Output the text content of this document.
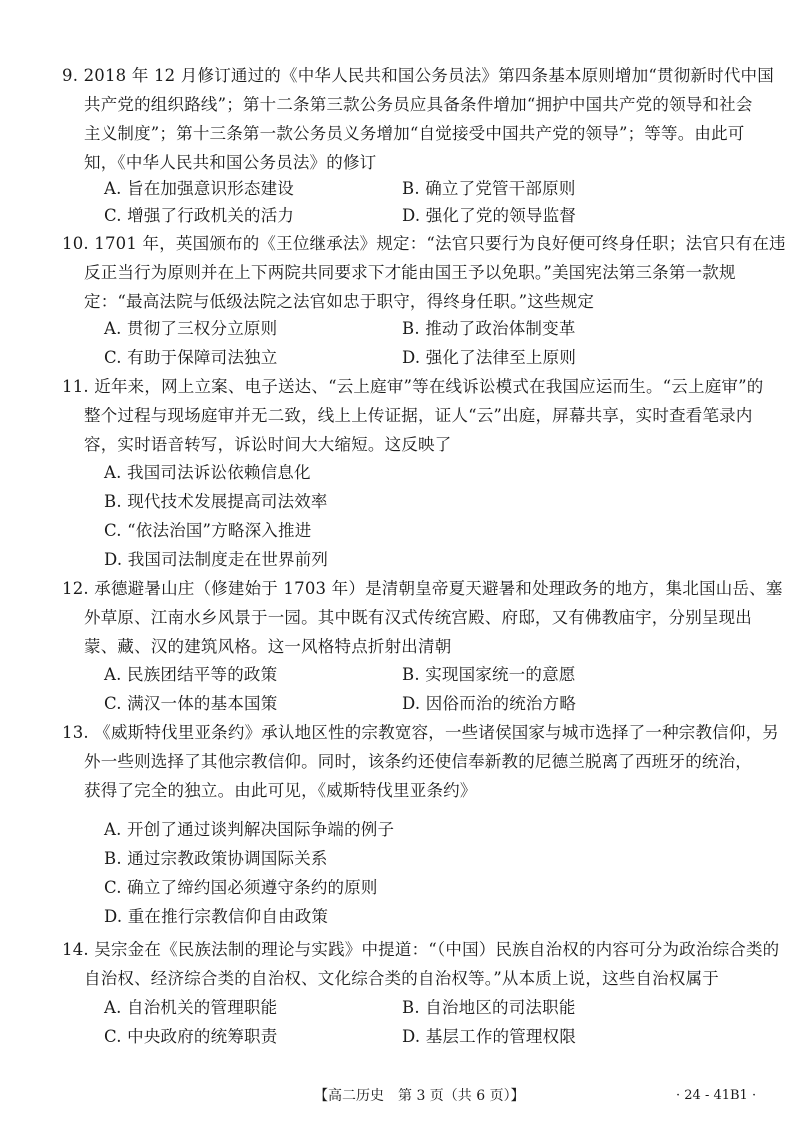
9. 2018 年 12 月修订通过的《中华人民共和国公务员法》第四条基本原则增加“贯彻新时代中国
共产党的组织路线”；第十二条第三款公务员应具备条件增加“拥护中国共产党的领导和社会
主义制度”；第十三条第一款公务员义务增加“自觉接受中国共产党的领导”；等等。由此可
知，《中华人民共和国公务员法》的修订
A. 旨在加强意识形态建设	B. 确立了党管干部原则
C. 增强了行政机关的活力	D. 强化了党的领导监督
10. 1701 年，英国颁布的《王位继承法》规定：“法官只要行为良好便可终身任职；法官只有在违
反正当行为原则并在上下两院共同要求下才能由国王予以免职。”美国宪法第三条第一款规
定：“最高法院与低级法院之法官如忠于职守，得终身任职。”这些规定
A. 贯彻了三权分立原则	B. 推动了政治体制变革
C. 有助于保障司法独立	D. 强化了法律至上原则
11. 近年来，网上立案、电子送达、“云上庭审”等在线诉讼模式在我国应运而生。“云上庭审”的
整个过程与现场庭审并无二致，线上上传证据，证人“云”出庭，屏幕共享，实时查看笔录内
容，实时语音转写，诉讼时间大大缩短。这反映了
A. 我国司法诉讼依赖信息化
B. 现代技术发展提高司法效率
C. “依法治国”方略深入推进
D. 我国司法制度走在世界前列
12. 承德避暑山庄（修建始于 1703 年）是清朝皇帝夏天避暑和处理政务的地方，集北国山岳、塞
外草原、江南水乡风景于一园。其中既有汉式传统宫殿、府邸，又有佛教庙宇，分别呈现出
蒙、藏、汉的建筑风格。这一风格特点折射出清朝
A. 民族团结平等的政策	B. 实现国家统一的意愿
C. 满汉一体的基本国策	D. 因俗而治的统治方略
13. 《威斯特伐里亚条约》承认地区性的宗教宽容，一些诸侯国家与城市选择了一种宗教信仰，另
外一些则选择了其他宗教信仰。同时，该条约还使信奉新教的尼德兰脱离了西班牙的统治，
获得了完全的独立。由此可见，《威斯特伐里亚条约》
A. 开创了通过谈判解决国际争端的例子
B. 通过宗教政策协调国际关系
C. 确立了缔约国必须遵守条约的原则
D. 重在推行宗教信仰自由政策
14. 吴宗金在《民族法制的理论与实践》中提道：“（中国）民族自治权的内容可分为政治综合类的
自治权、经济综合类的自治权、文化综合类的自治权等。”从本质上说，这些自治权属于
A. 自治机关的管理职能	B. 自治地区的司法职能
C. 中央政府的统筹职责	D. 基层工作的管理权限
【高二历史　第 3 页（共 6 页）】	· 24 - 41B1 ·
